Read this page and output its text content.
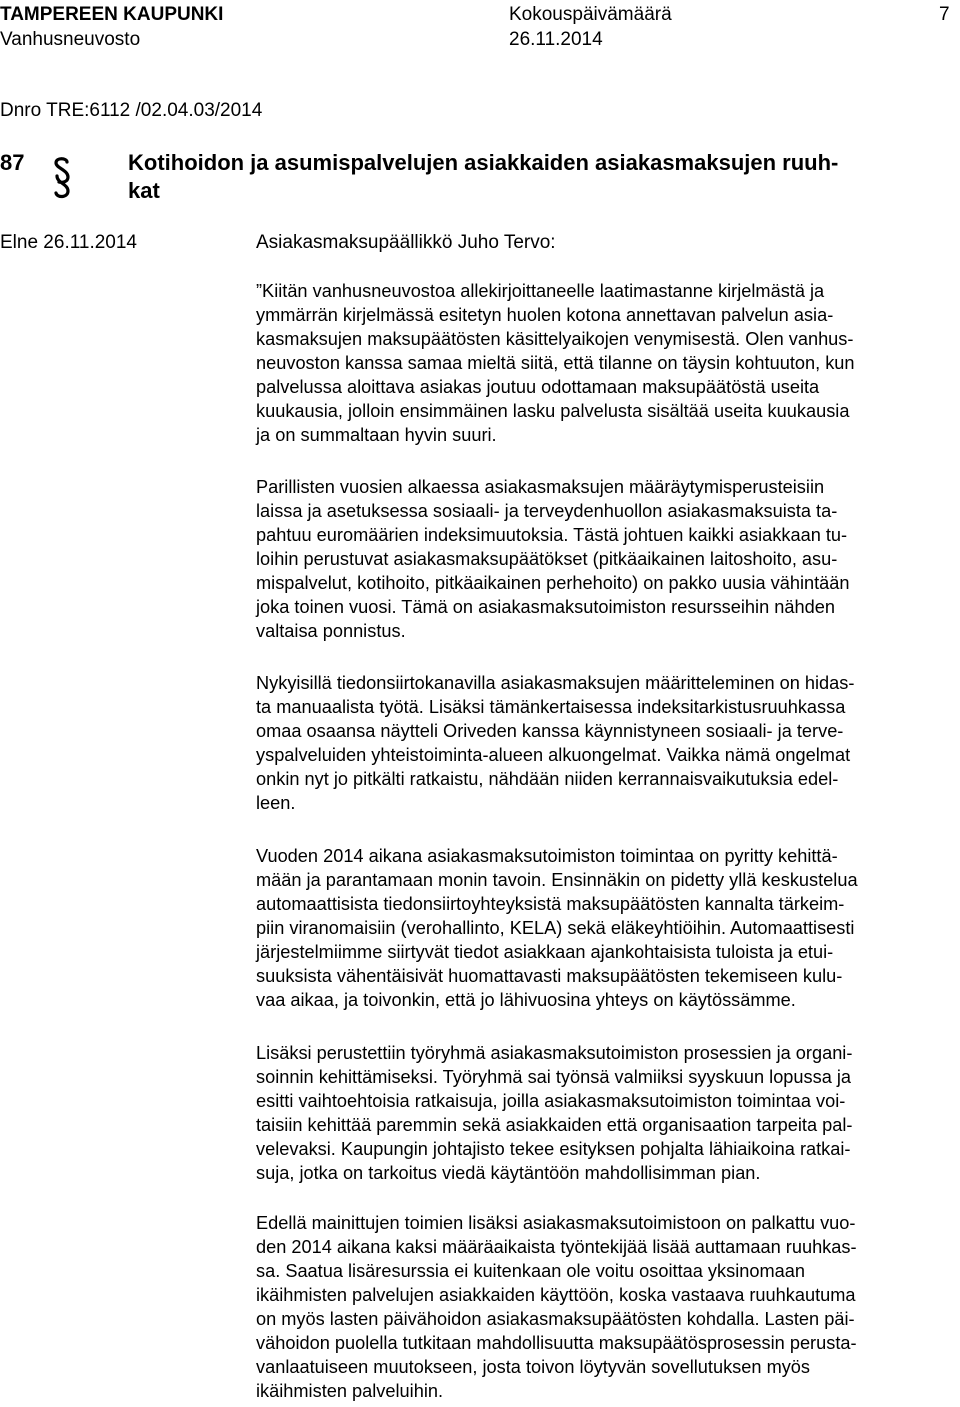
TAMPEREEN KAUPUNKI	Kokouspäivämäärä	7
Vanhusneuvosto	26.11.2014
Dnro TRE:6112 /02.04.03/2014
87	Kotihoidon ja asumispalvelujen asiakkaiden asiakasmaksujen ruuh-
kat
Elne 26.11.2014	Asiakasmaksupäällikkö Juho Tervo:
”Kiitän vanhusneuvostoa allekirjoittaneelle laatimastanne kirjelmästä ja
ymmärrän kirjelmässä esitetyn huolen kotona annettavan palvelun asia-
kasmaksujen maksupäätösten käsittelyaikojen venymisestä. Olen vanhus-
neuvoston kanssa samaa mieltä siitä, että tilanne on täysin kohtuuton, kun
palvelussa aloittava asiakas joutuu odottamaan maksupäätöstä useita
kuukausia, jolloin ensimmäinen lasku palvelusta sisältää useita kuukausia
ja on summaltaan hyvin suuri.
Parillisten vuosien alkaessa asiakasmaksujen määräytymisperusteisiin
laissa ja asetuksessa sosiaali- ja terveydenhuollon asiakasmaksuista ta-
pahtuu euromäärien indeksimuutoksia. Tästä johtuen kaikki asiakkaan tu-
loihin perustuvat asiakasmaksupäätökset (pitkäaikainen laitoshoito, asu-
mispalvelut, kotihoito, pitkäaikainen perhehoito) on pakko uusia vähintään
joka toinen vuosi. Tämä on asiakasmaksutoimiston resursseihin nähden
valtaisa ponnistus.
Nykyisillä tiedonsiirtokanavilla asiakasmaksujen määritteleminen on hidas-
ta manuaalista työtä. Lisäksi tämänkertaisessa indeksitarkistusruuhkassa
omaa osaansa näytteli Oriveden kanssa käynnistyneen sosiaali- ja terve-
yspalveluiden yhteistoiminta-alueen alkuongelmat. Vaikka nämä ongelmat
onkin nyt jo pitkälti ratkaistu, nähdään niiden kerrannaisvaikutuksia edel-
leen.
Vuoden 2014 aikana asiakasmaksutoimiston toimintaa on pyritty kehittä-
mään ja parantamaan monin tavoin. Ensinnäkin on pidetty yllä keskustelua
automaattisista tiedonsiirtoyhteyksistä maksupäätösten kannalta tärkeim-
piin viranomaisiin (verohallinto, KELA) sekä eläkeyhtiöihin. Automaattisesti
järjestelmiimme siirtyvät tiedot asiakkaan ajankohtaisista tuloista ja etui-
suuksista vähentäisivät huomattavasti maksupäätösten tekemiseen kulu-
vaa aikaa, ja toivonkin, että jo lähivuosina yhteys on käytössämme.
Lisäksi perustettiin työryhmä asiakasmaksutoimiston prosessien ja organi-
soinnin kehittämiseksi. Työryhmä sai työnsä valmiiksi syyskuun lopussa ja
esitti vaihtoehtoisia ratkaisuja, joilla asiakasmaksutoimiston toimintaa voi-
taisiin kehittää paremmin sekä asiakkaiden että organisaation tarpeita pal-
velevaksi. Kaupungin johtajisto tekee esityksen pohjalta lähiaikoina ratkai-
suja, jotka on tarkoitus viedä käytäntöön mahdollisimman pian.
Edellä mainittujen toimien lisäksi asiakasmaksutoimistoon on palkattu vuo-
den 2014 aikana kaksi määräaikaista työntekijää lisää auttamaan ruuhkas-
sa. Saatua lisäresurssia ei kuitenkaan ole voitu osoittaa yksinomaan
ikäihmisten palvelujen asiakkaiden käyttöön, koska vastaava ruuhkautuma
on myös lasten päivähoidon asiakasmaksupäätösten kohdalla. Lasten päi-
vähoidon puolella tutkitaan mahdollisuutta maksupäätösprosessin perusta-
vanlaatuiseen muutokseen, josta toivon löytyvän sovellutuksen myös
ikäihmisten palveluihin.
